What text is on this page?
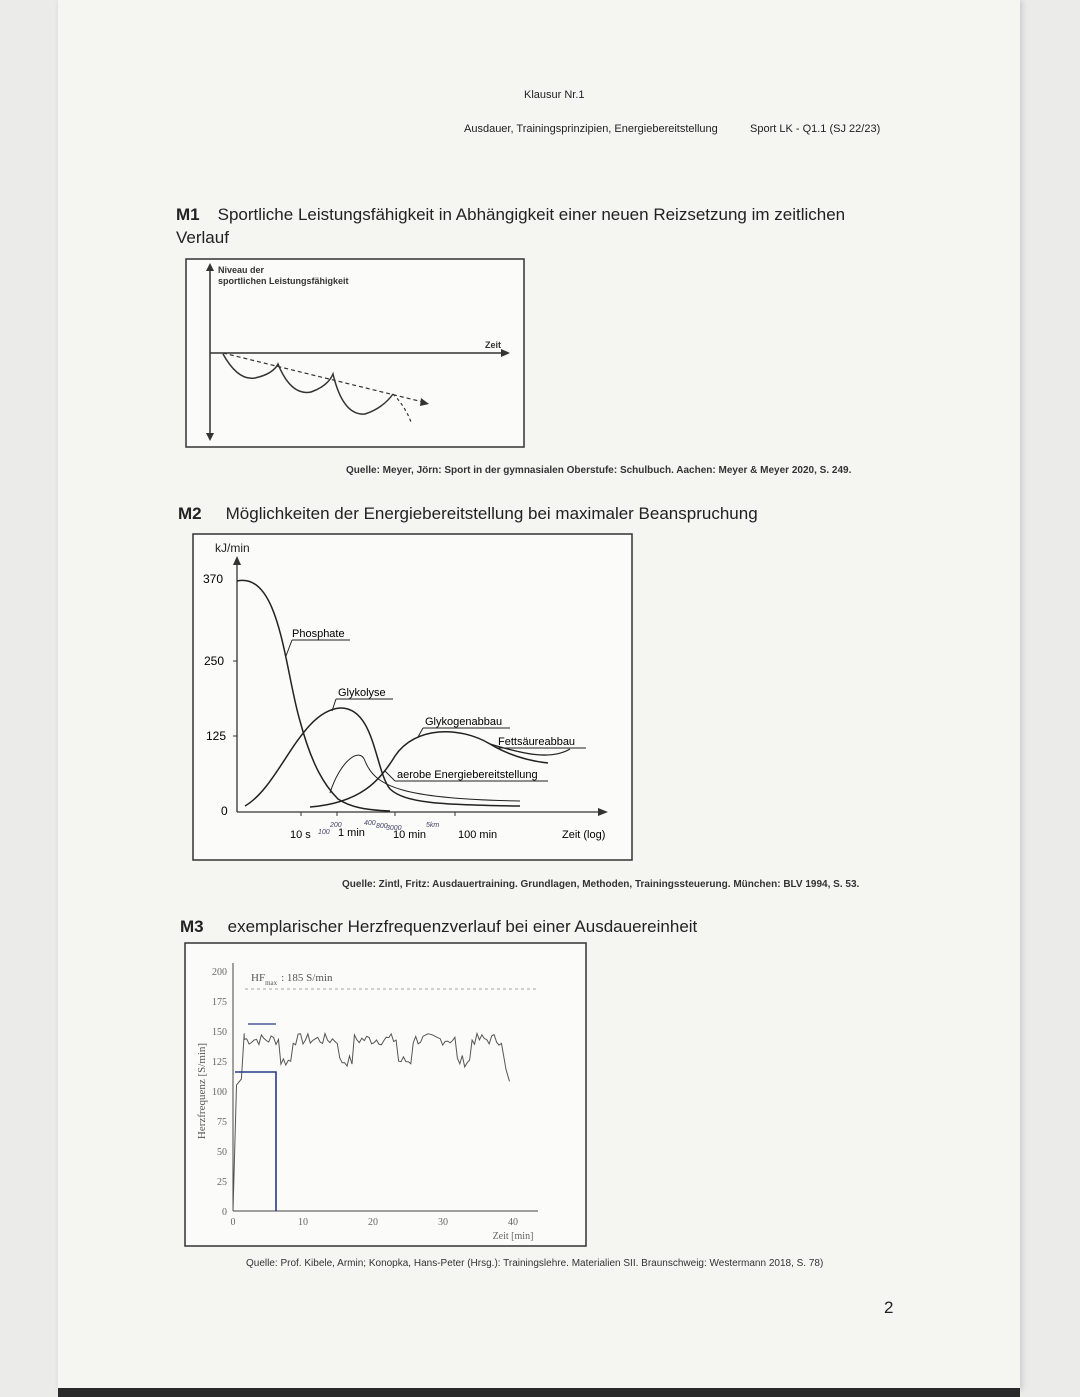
Klausur Nr.1
Ausdauer, Trainingsprinzipien, Energiebereitstellung	Sport LK - Q1.1 (SJ 22/23)
M1 Sportliche Leistungsfähigkeit in Abhängigkeit einer neuen Reizsetzung im zeitlichen
Verlauf
Niveau der
sportlichen Leistungsfähigkeit
Zeit
Quelle: Meyer, Jörn: Sport in der gymnasialen Oberstufe: Schulbuch. Aachen: Meyer & Meyer 2020, S. 249.
M2 Möglichkeiten der Energiebereitstellung bei maximaler Beanspruchung
kJ/min
370
250
125
0
10 s 1 min	10 min	100 min	Zeit (log)
100
200	400 800
3000	5km
Phosphate
Glykolyse
Glykogenabbau
Fettsäureabbau
aerobe Energiebereitstellung
Quelle: Zintl, Fritz: Ausdauertraining. Grundlagen, Methoden, Trainingssteuerung. München: BLV 1994, S. 53.
M3 exemplarischer Herzfrequenzverlauf bei einer Ausdauereinheit
Herzfrequenz [S/min]
200
175
150
125
100
75
50
25
0
0	10	20	30	40
Zeit [min]
$HF_{max}$ : 185 S/min
Quelle: Prof. Kibele, Armin; Konopka, Hans-Peter (Hrsg.): Trainingslehre. Materialien SII. Braunschweig: Westermann 2018, S. 78)
2
